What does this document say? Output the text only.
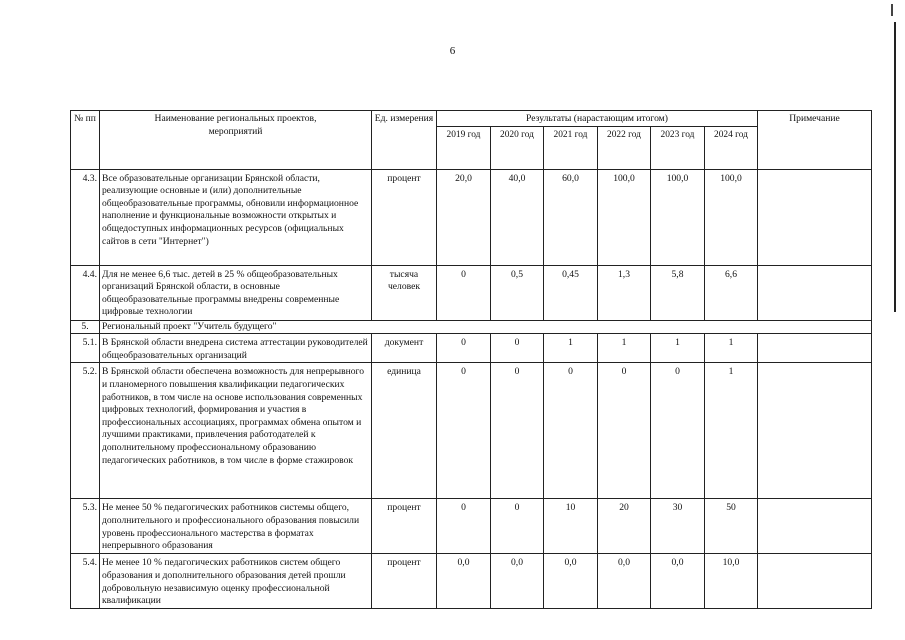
6
№ пп	Наименование региональных проектов, мероприятий	Ед. измерения	Результаты (нарастающим итогом)						Примечание
			2019 год	2020 год	2021 год	2022 год	2023 год	2024 год	
4.3.	Все образовательные организации Брянской области, реализующие основные и (или) дополнительные общеобразовательные программы, обновили информационное наполнение и функциональные возможности открытых и общедоступных информационных ресурсов (официальных сайтов в сети "Интернет")	процент	20,0	40,0	60,0	100,0	100,0	100,0	
4.4.	Для не менее 6,6 тыс. детей в 25 % общеобразовательных организаций Брянской области, в основные общеобразовательные программы внедрены современные цифровые технологии	тысяча человек	0	0,5	0,45	1,3	5,8	6,6	
5.	Региональный проект "Учитель будущего"								
5.1.	В Брянской области внедрена система аттестации руководителей общеобразовательных организаций	документ	0	0	1	1	1	1	
5.2.	В Брянской области обеспечена возможность для непрерывного и планомерного повышения квалификации педагогических работников, в том числе на основе использования современных цифровых технологий, формирования и участия в профессиональных ассоциациях, программах обмена опытом и лучшими практиками, привлечения работодателей к дополнительному профессиональному образованию педагогических работников, в том числе в форме стажировок	единица	0	0	0	0	0	1	
5.3.	Не менее 50 % педагогических работников системы общего, дополнительного и профессионального образования повысили уровень профессионального мастерства в форматах непрерывного образования	процент	0	0	10	20	30	50	
5.4.	Не менее 10 % педагогических работников систем общего образования и дополнительного образования детей прошли добровольную независимую оценку профессиональной квалификации	процент	0,0	0,0	0,0	0,0	0,0	10,0	
